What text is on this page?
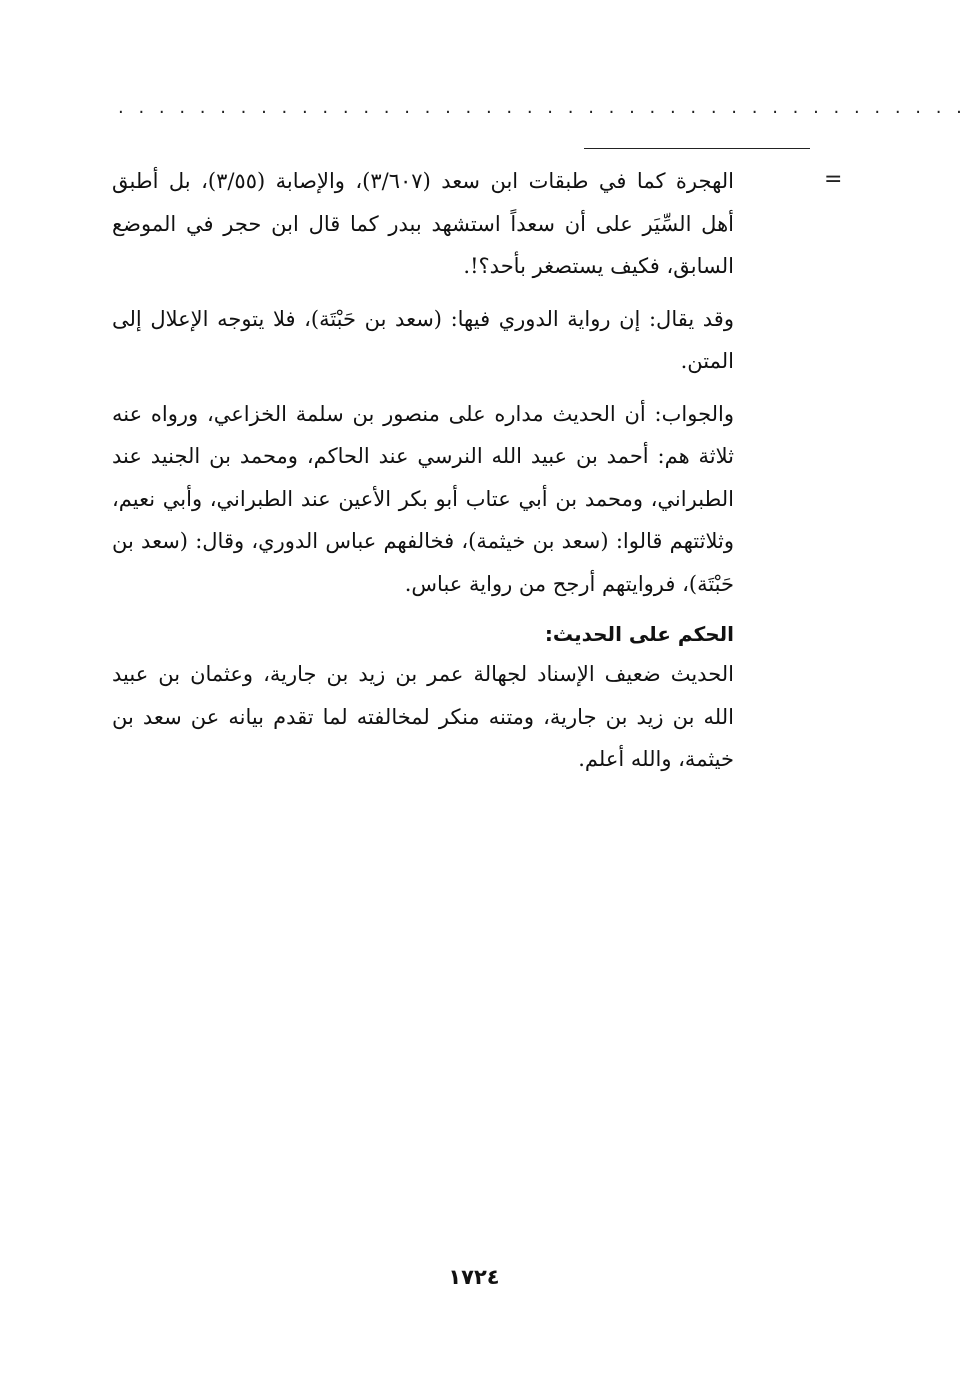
. . . . . . . . . . . . . . . . . . . . . . . . . . . . . . . . . . . . . . . . . .
=

الهجرة كما في طبقات ابن سعد (٣/٦٠٧)، والإصابة (٣/٥٥)، بل أطبق أهل السِّيَر على أن سعداً استشهد ببدر كما قال ابن حجر في الموضع السابق، فكيف يستصغر بأحد؟!.

وقد يقال: إن رواية الدوري فيها: (سعد بن حَبْتَة)، فلا يتوجه الإعلال إلى المتن.

والجواب: أن الحديث مداره على منصور بن سلمة الخزاعي، ورواه عنه ثلاثة هم: أحمد بن عبيد الله النرسي عند الحاكم، ومحمد بن الجنيد عند الطبراني، ومحمد بن أبي عتاب أبو بكر الأعين عند الطبراني، وأبي نعيم، وثلاثتهم قالوا: (سعد بن خيثمة)، فخالفهم عباس الدوري، وقال: (سعد بن حَبْتَة)، فروايتهم أرجح من رواية عباس.

الحكم على الحديث:

الحديث ضعيف الإسناد لجهالة عمر بن زيد بن جارية، وعثمان بن عبيد الله بن زيد بن جارية، ومتنه منكر لمخالفته لما تقدم بيانه عن سعد بن خيثمة، والله أعلم.

١٧٢٤
